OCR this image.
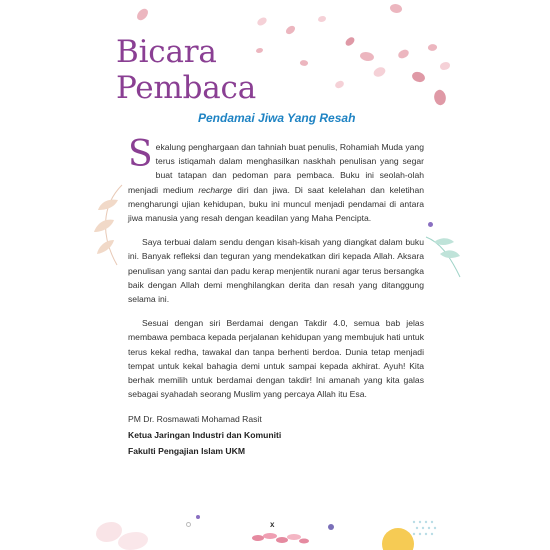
Bicara
Pembaca
Pendamai Jiwa Yang Resah

Sekalung penghargaan dan tahniah buat penulis, Rohamiah Muda yang terus istiqamah dalam menghasilkan naskhah penulisan yang segar buat tatapan dan pedoman para pembaca. Buku ini seolah-olah menjadi medium recharge diri dan jiwa. Di saat kelelahan dan keletihan mengharungi ujian kehidupan, buku ini muncul menjadi pendamai di antara jiwa manusia yang resah dengan keadilan yang Maha Pencipta.

Saya terbuai dalam sendu dengan kisah-kisah yang diangkat dalam buku ini. Banyak refleksi dan teguran yang mendekatkan diri kepada Allah. Aksara penulisan yang santai dan padu kerap menjentik nurani agar terus bersangka baik dengan Allah demi menghilangkan derita dan resah yang ditanggung selama ini.

Sesuai dengan siri Berdamai dengan Takdir 4.0, semua bab jelas membawa pembaca kepada perjalanan kehidupan yang membujuk hati untuk terus kekal redha, tawakal dan tanpa berhenti berdoa. Dunia tetap menjadi tempat untuk kekal bahagia demi untuk sampai kepada akhirat. Ayuh! Kita berhak memilih untuk berdamai dengan takdir! Ini amanah yang kita galas sebagai syahadah seorang Muslim yang percaya Allah itu Esa.

PM Dr. Rosmawati Mohamad Rasit
Ketua Jaringan Industri dan Komuniti
Fakulti Pengajian Islam UKM
x
